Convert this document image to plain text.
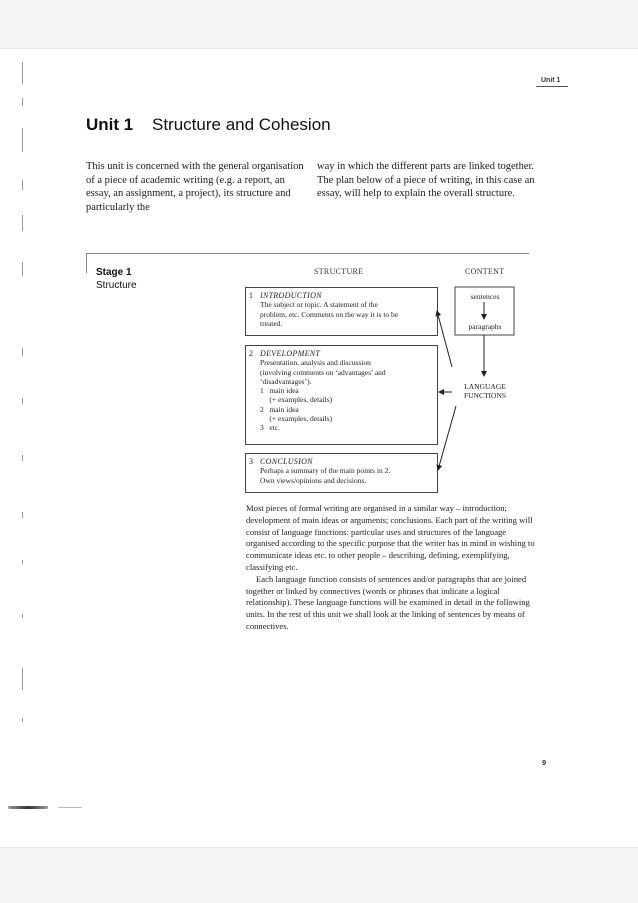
Unit 1
Unit 1 Structure and Cohesion
This unit is concerned with the general organisation of a piece of academic writing (e.g. a report, an essay, an assignment, a project), its structure and particularly the
way in which the different parts are linked together. The plan below of a piece of writing, in this case an essay, will help to explain the overall structure.
Stage 1
Structure
STRUCTURE	CONTENT
1 INTRODUCTION
The subject or topic. A statement of the
problem, etc. Comments on the way it is to be
treated.
2 DEVELOPMENT
Presentation, analysis and discussion
(involving comments on ‘advantages’ and
‘disadvantages’).
1   main idea
(+ examples, details)
2   main idea
(+ examples, details)
3   etc.
3 CONCLUSION
Perhaps a summary of the main points in 2.
Own views/opinions and decisions.
sentences
paragraphs
LANGUAGE
FUNCTIONS

Most pieces of formal writing are organised in a similar way – introduction; development of main ideas or arguments; conclusions. Each part of the writing will consist of language functions: particular uses and structures of the language organised according to the specific purpose that the writer has in mind in wishing to communicate ideas etc. to other people – describing, defining, exemplifying, classifying etc.

Each language function consists of sentences and/or paragraphs that are joined together or linked by connectives (words or phrases that indicate a logical relationship). These language functions will be examined in detail in the following units. In the rest of this unit we shall look at the linking of sentences by means of connectives.

9
